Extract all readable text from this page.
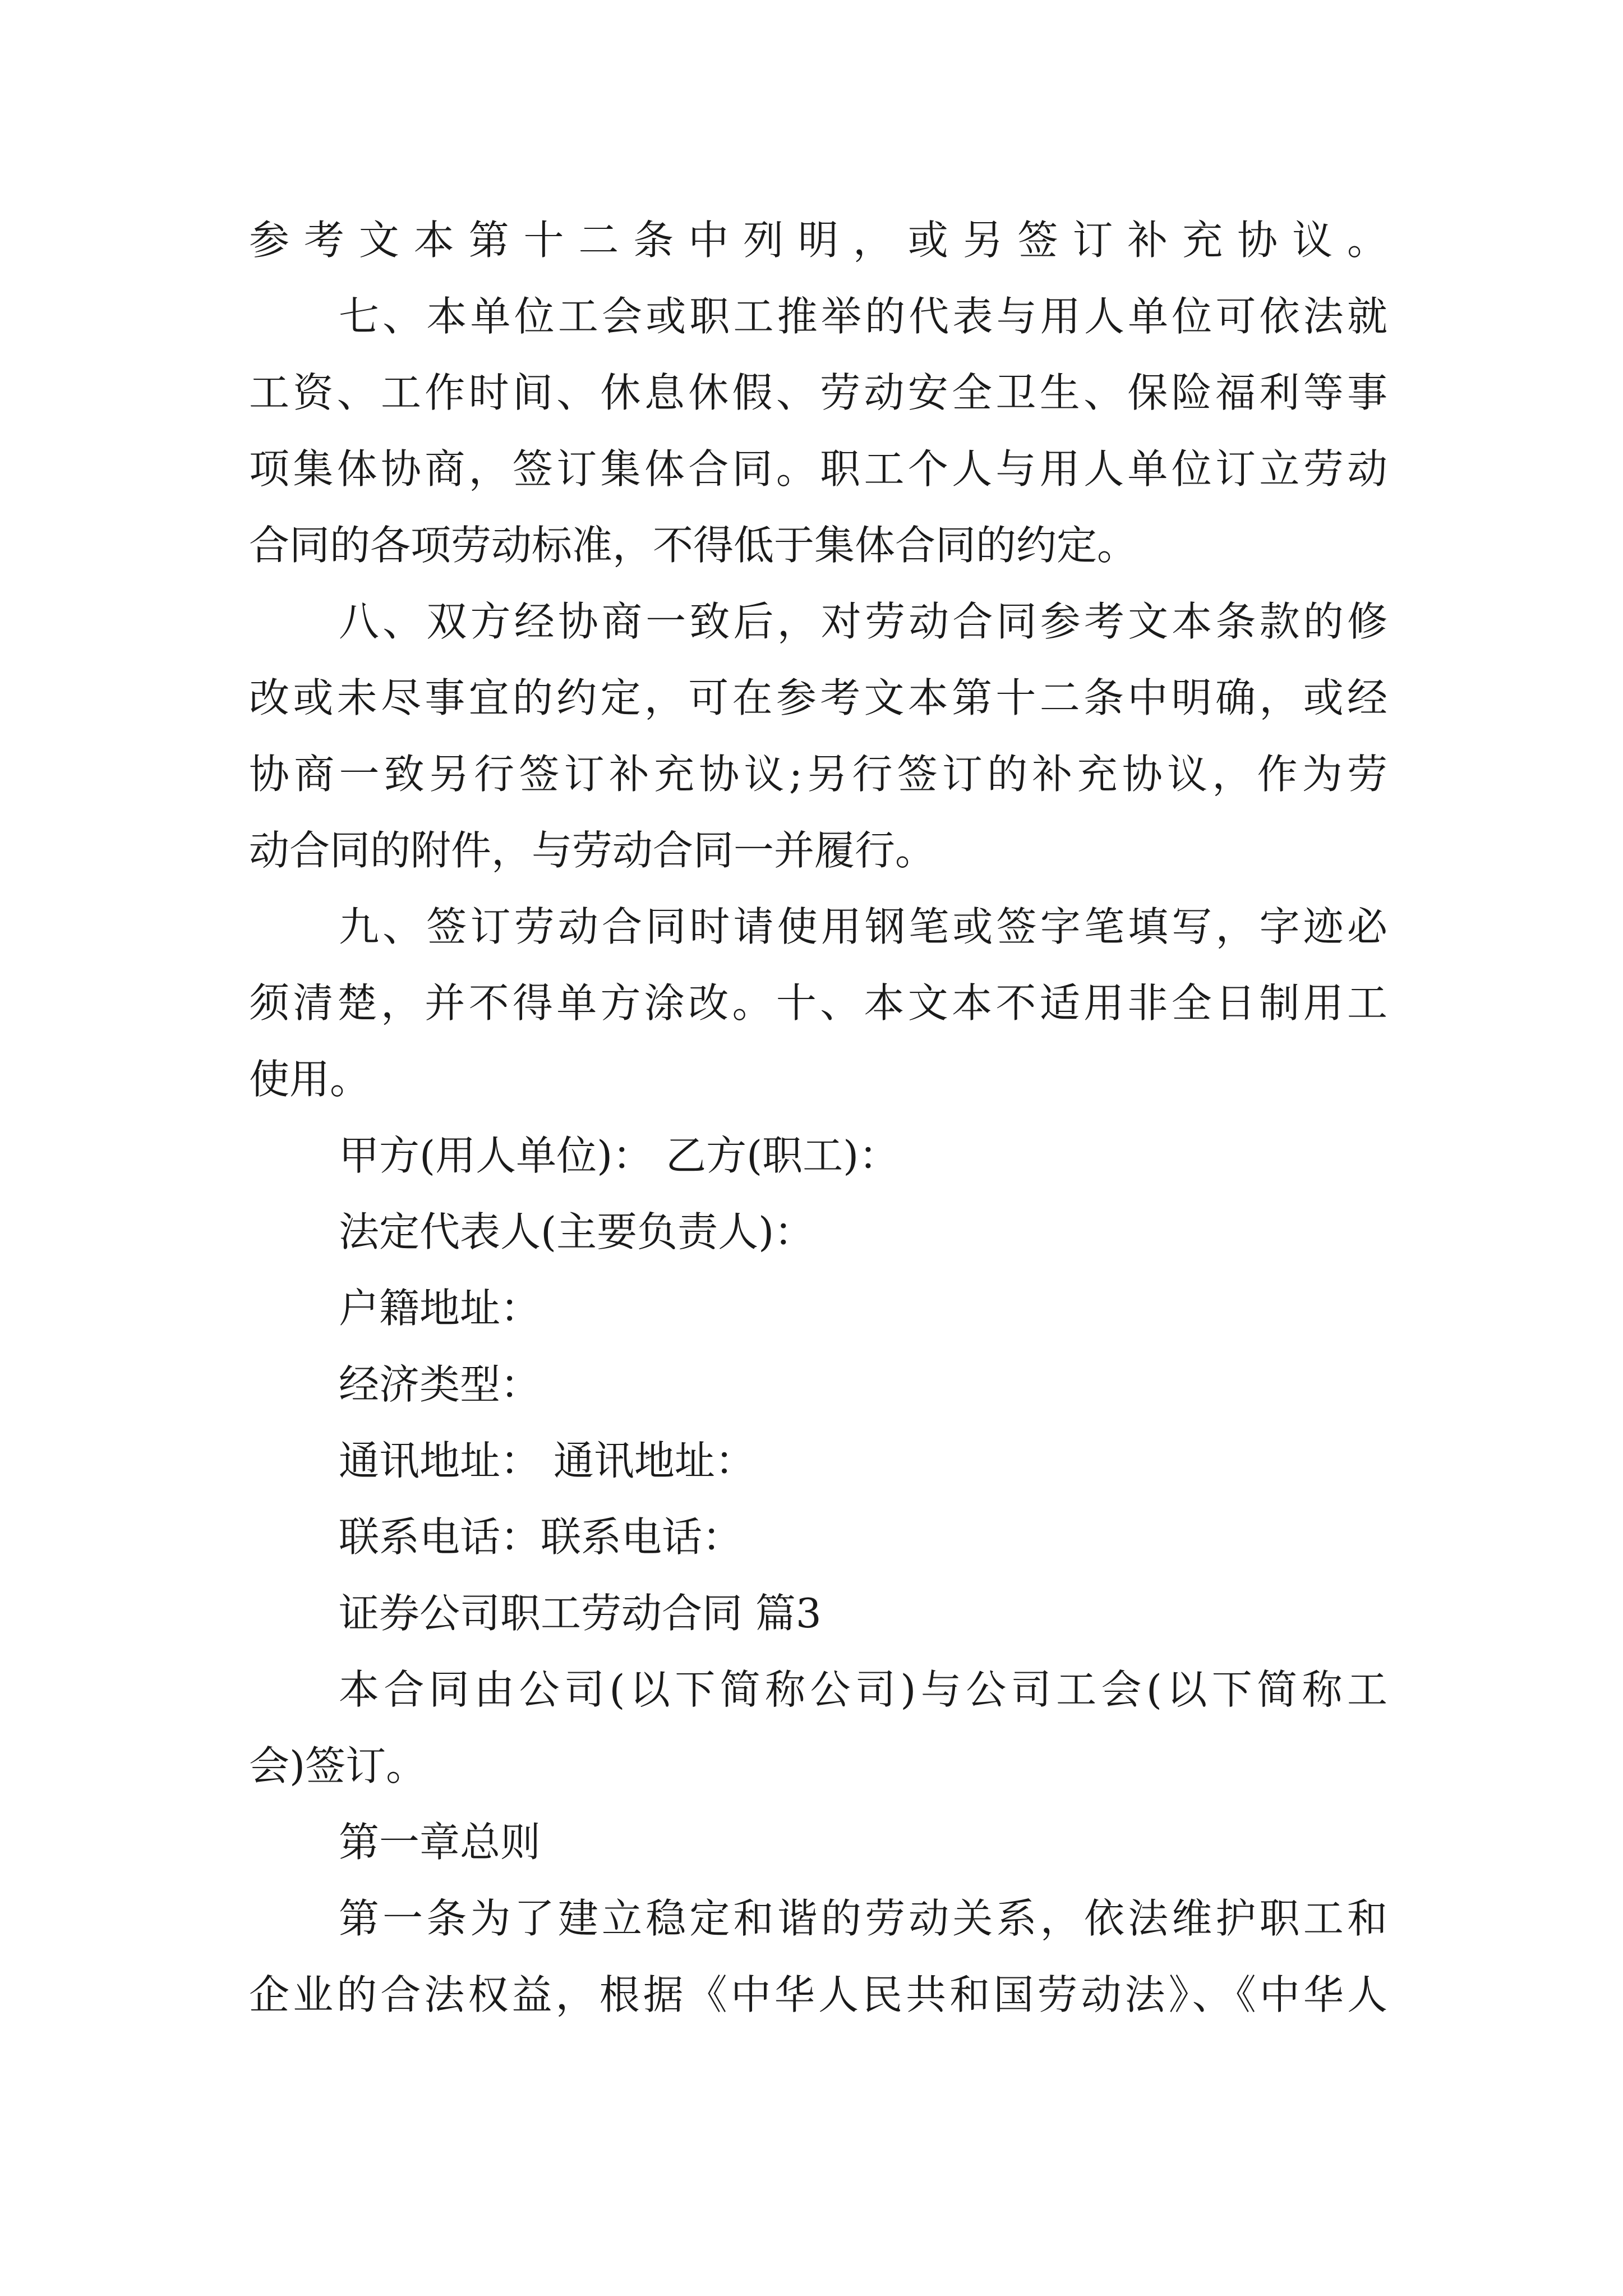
参考文本第十二条中列明，或另签订补充协议。
七、本单位工会或职工推举的代表与用人单位可依法就
工资、工作时间、休息休假、劳动安全卫生、保险福利等事
项集体协商，签订集体合同。职工个人与用人单位订立劳动
合同的各项劳动标准，不得低于集体合同的约定。
八、双方经协商一致后，对劳动合同参考文本条款的修
改或未尽事宜的约定，可在参考文本第十二条中明确，或经
协商一致另行签订补充协议;另行签订的补充协议，作为劳
动合同的附件，与劳动合同一并履行。
九、签订劳动合同时请使用钢笔或签字笔填写，字迹必
须清楚，并不得单方涂改。十、本文本不适用非全日制用工
使用。
甲方(用人单位)： 乙方(职工)：
法定代表人(主要负责人)：
户籍地址：
经济类型：
通讯地址： 通讯地址：
联系电话：联系电话：
证券公司职工劳动合同 篇3
本合同由公司(以下简称公司)与公司工会(以下简称工
会)签订。
第一章总则
第一条为了建立稳定和谐的劳动关系，依法维护职工和
企业的合法权益，根据《中华人民共和国劳动法》、《中华人
